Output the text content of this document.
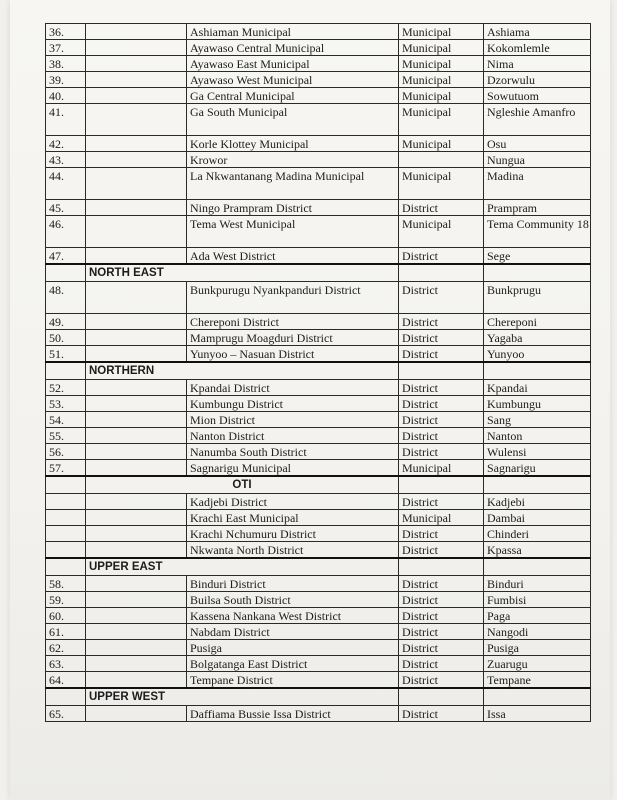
36.		Ashiaman Municipal	Municipal	Ashiama
37.		Ayawaso Central Municipal	Municipal	Kokomlemle
38.		Ayawaso East Municipal	Municipal	Nima
39.		Ayawaso West Municipal	Municipal	Dzorwulu
40.		Ga Central Municipal	Municipal	Sowutuom
41.		Ga South Municipal	Municipal	Ngleshie Amanfro
42.		Korle Klottey Municipal	Municipal	Osu
43.		Krowor		Nungua
44.		La Nkwantanang Madina Municipal	Municipal	Madina
45.		Ningo Prampram District	District	Prampram
46.		Tema West Municipal	Municipal	Tema Community 18
47.		Ada West District	District	Sege
	NORTH EAST			
48.		Bunkpurugu Nyankpanduri District	District	Bunkprugu
49.		Chereponi District	District	Chereponi
50.		Mamprugu Moagduri District	District	Yagaba
51.		Yunyoo – Nasuan District	District	Yunyoo
	NORTHERN			
52.		Kpandai District	District	Kpandai
53.		Kumbungu District	District	Kumbungu
54.		Mion District	District	Sang
55.		Nanton District	District	Nanton
56.		Nanumba South District	District	Wulensi
57.		Sagnarigu Municipal	Municipal	Sagnarigu
	OTI			
		Kadjebi District	District	Kadjebi
		Krachi East Municipal	Municipal	Dambai
		Krachi Nchumuru District	District	Chinderi
		Nkwanta North District	District	Kpassa
	UPPER EAST			
58.		Binduri District	District	Binduri
59.		Builsa South District	District	Fumbisi
60.		Kassena Nankana West District	District	Paga
61.		Nabdam District	District	Nangodi
62.		Pusiga	District	Pusiga
63.		Bolgatanga East District	District	Zuarugu
64.		Tempane District	District	Tempane
	UPPER WEST			
65.		Daffiama Bussie Issa District	District	Issa
